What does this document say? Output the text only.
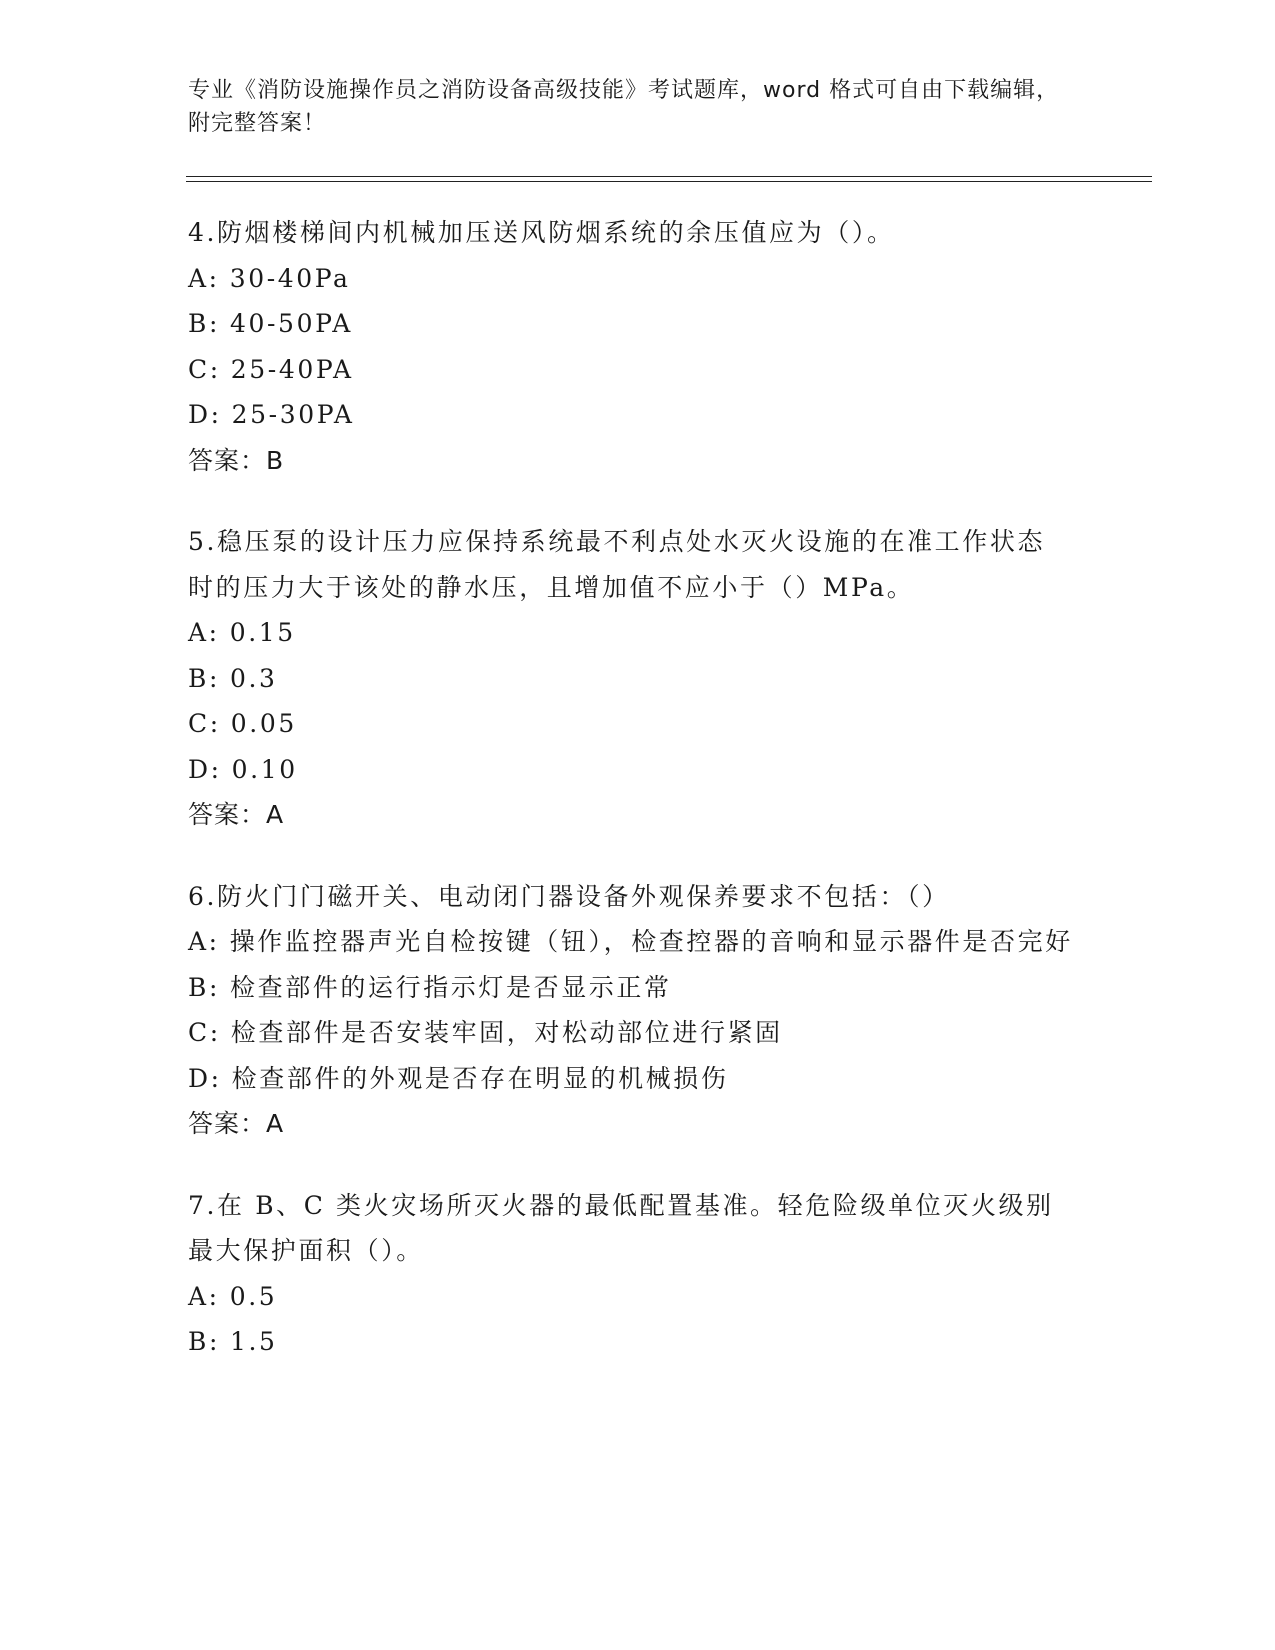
专业《消防设施操作员之消防设备高级技能》考试题库，word 格式可自由下载编辑，附完整答案！
4.防烟楼梯间内机械加压送风防烟系统的余压值应为（）。
A: 30-40Pa
B: 40-50PA
C: 25-40PA
D: 25-30PA
答案：B
5.稳压泵的设计压力应保持系统最不利点处水灭火设施的在准工作状态时的压力大于该处的静水压，且增加值不应小于（）MPa。
A: 0.15
B: 0.3
C: 0.05
D: 0.10
答案：A
6.防火门门磁开关、电动闭门器设备外观保养要求不包括：（）
A: 操作监控器声光自检按键（钮），检查控器的音响和显示器件是否完好
B: 检查部件的运行指示灯是否显示正常
C: 检查部件是否安装牢固，对松动部位进行紧固
D: 检查部件的外观是否存在明显的机械损伤
答案：A
7.在 B、C 类火灾场所灭火器的最低配置基准。轻危险级单位灭火级别最大保护面积（）。
A: 0.5
B: 1.5
